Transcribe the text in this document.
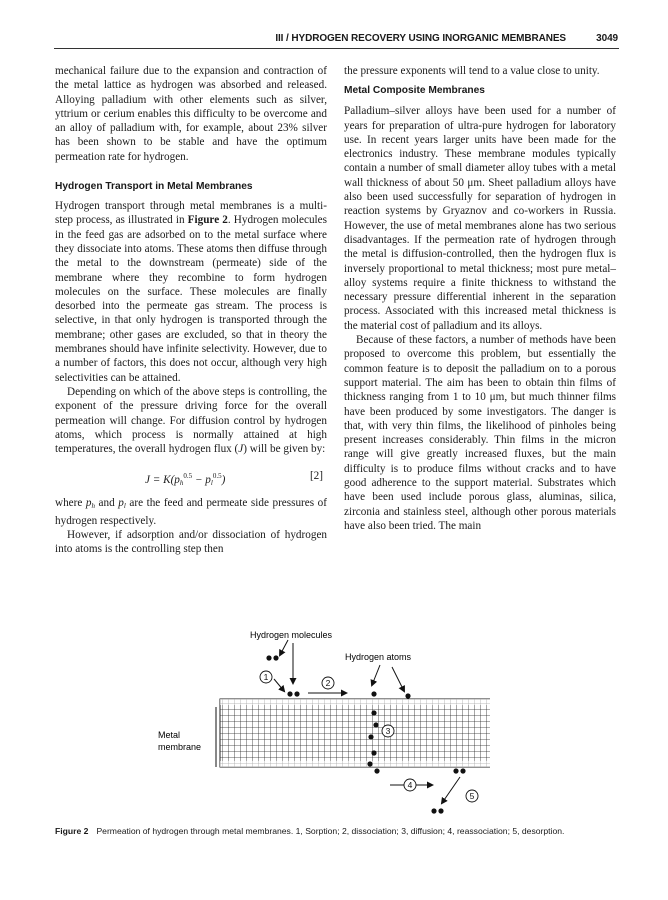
III / HYDROGEN RECOVERY USING INORGANIC MEMBRANES	3049

mechanical failure due to the expansion and contraction of the metal lattice as hydrogen was absorbed and released. Alloying palladium with other elements such as silver, yttrium or cerium enables this difficulty to be overcome and an alloy of palladium with, for example, about 23% silver has been shown to be stable and have the optimum permeation rate for hydrogen.

Hydrogen Transport in Metal Membranes

Hydrogen transport through metal membranes is a multi-step process, as illustrated in Figure 2. Hydrogen molecules in the feed gas are adsorbed on to the metal surface where they dissociate into atoms. These atoms then diffuse through the metal to the downstream (permeate) side of the membrane where they recombine to form hydrogen molecules on the surface. These molecules are finally desorbed into the permeate gas stream. The process is selective, in that only hydrogen is transported through the membrane; other gases are excluded, so that in theory the membranes should have infinite selectivity. However, due to a number of factors, this does not occur, although very high selectivities can be attained.

Depending on which of the above steps is controlling, the exponent of the pressure driving force for the overall permeation will change. For diffusion control by hydrogen atoms, which process is normally attained at high temperatures, the overall hydrogen flux (J) will be given by:

$J = K(p_h^{0.5} - p_l^{0.5})$	[2]

where $p_h$ and $p_l$ are the feed and permeate side pressures of hydrogen respectively.

However, if adsorption and/or dissociation of hydrogen into atoms is the controlling step then

the pressure exponents will tend to a value close to unity.

Metal Composite Membranes

Palladium–silver alloys have been used for a number of years for preparation of ultra-pure hydrogen for laboratory use. In recent years larger units have been made for the electronics industry. These membrane modules typically contain a number of small diameter alloy tubes with a metal wall thickness of about 50 μm. Sheet palladium alloys have also been used successfully for separation of hydrogen in reaction systems by Gryaznov and co-workers in Russia. However, the use of metal membranes alone has two serious disadvantages. If the permeation rate of hydrogen through the metal is diffusion-controlled, then the hydrogen flux is inversely proportional to metal thickness; most pure metal–alloy systems require a finite thickness to withstand the necessary pressure differential inherent in the separation process. Associated with this increased metal thickness is the material cost of palladium and its alloys.

Because of these factors, a number of methods have been proposed to overcome this problem, but essentially the common feature is to deposit the palladium on to a porous support material. The aim has been to obtain thin films of thickness ranging from 1 to 10 μm, but much thinner films have been produced by some investigators. The danger is that, with very thin films, the likelihood of pinholes being present increases considerably. Thin films in the micron range will give greatly increased fluxes, but the main difficulty is to produce films without cracks and to have good adherence to the support material. Substrates which have been used include porous glass, aluminas, silica, zirconia and stainless steel, although other porous materials have also been tried. The main

Hydrogen molecules
Hydrogen atoms
Metal
membrane
1
2
3
4
5
Figure 2 Permeation of hydrogen through metal membranes. 1, Sorption; 2, dissociation; 3, diffusion; 4, reassociation; 5, desorption.
